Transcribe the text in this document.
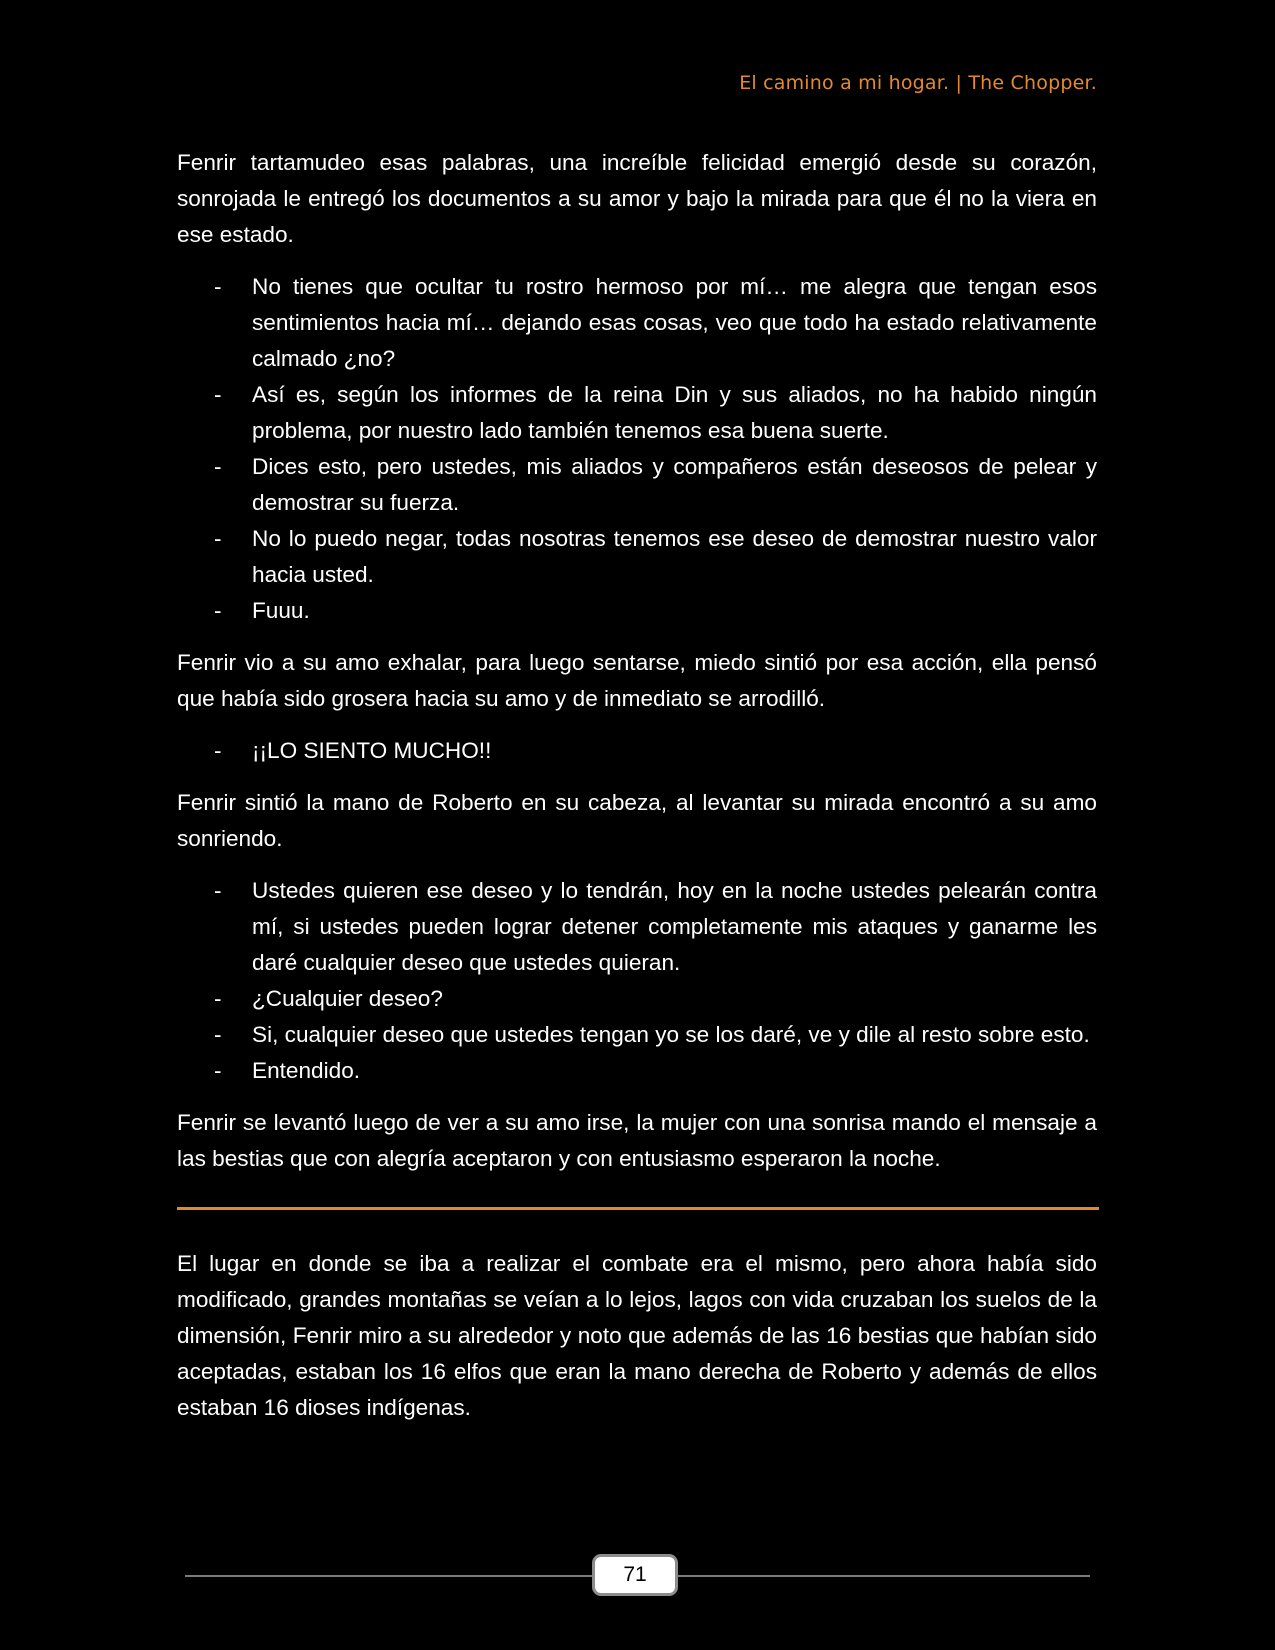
El camino a mi hogar. | The Chopper.

Fenrir tartamudeo esas palabras, una increíble felicidad emergió desde su corazón, sonrojada le entregó los documentos a su amor y bajo la mirada para que él no la viera en ese estado.

- No tienes que ocultar tu rostro hermoso por mí… me alegra que tengan esos sentimientos hacia mí… dejando esas cosas, veo que todo ha estado relativamente calmado ¿no?
- Así es, según los informes de la reina Din y sus aliados, no ha habido ningún problema, por nuestro lado también tenemos esa buena suerte.
- Dices esto, pero ustedes, mis aliados y compañeros están deseosos de pelear y demostrar su fuerza.
- No lo puedo negar, todas nosotras tenemos ese deseo de demostrar nuestro valor hacia usted.
- Fuuu.

Fenrir vio a su amo exhalar, para luego sentarse, miedo sintió por esa acción, ella pensó que había sido grosera hacia su amo y de inmediato se arrodilló.

- ¡¡LO SIENTO MUCHO!!

Fenrir sintió la mano de Roberto en su cabeza, al levantar su mirada encontró a su amo sonriendo.

- Ustedes quieren ese deseo y lo tendrán, hoy en la noche ustedes pelearán contra mí, si ustedes pueden lograr detener completamente mis ataques y ganarme les daré cualquier deseo que ustedes quieran.
- ¿Cualquier deseo?
- Si, cualquier deseo que ustedes tengan yo se los daré, ve y dile al resto sobre esto.
- Entendido.

Fenrir se levantó luego de ver a su amo irse, la mujer con una sonrisa mando el mensaje a las bestias que con alegría aceptaron y con entusiasmo esperaron la noche.

El lugar en donde se iba a realizar el combate era el mismo, pero ahora había sido modificado, grandes montañas se veían a lo lejos, lagos con vida cruzaban los suelos de la dimensión, Fenrir miro a su alrededor y noto que además de las 16 bestias que habían sido aceptadas, estaban los 16 elfos que eran la mano derecha de Roberto y además de ellos estaban 16 dioses indígenas.

71
